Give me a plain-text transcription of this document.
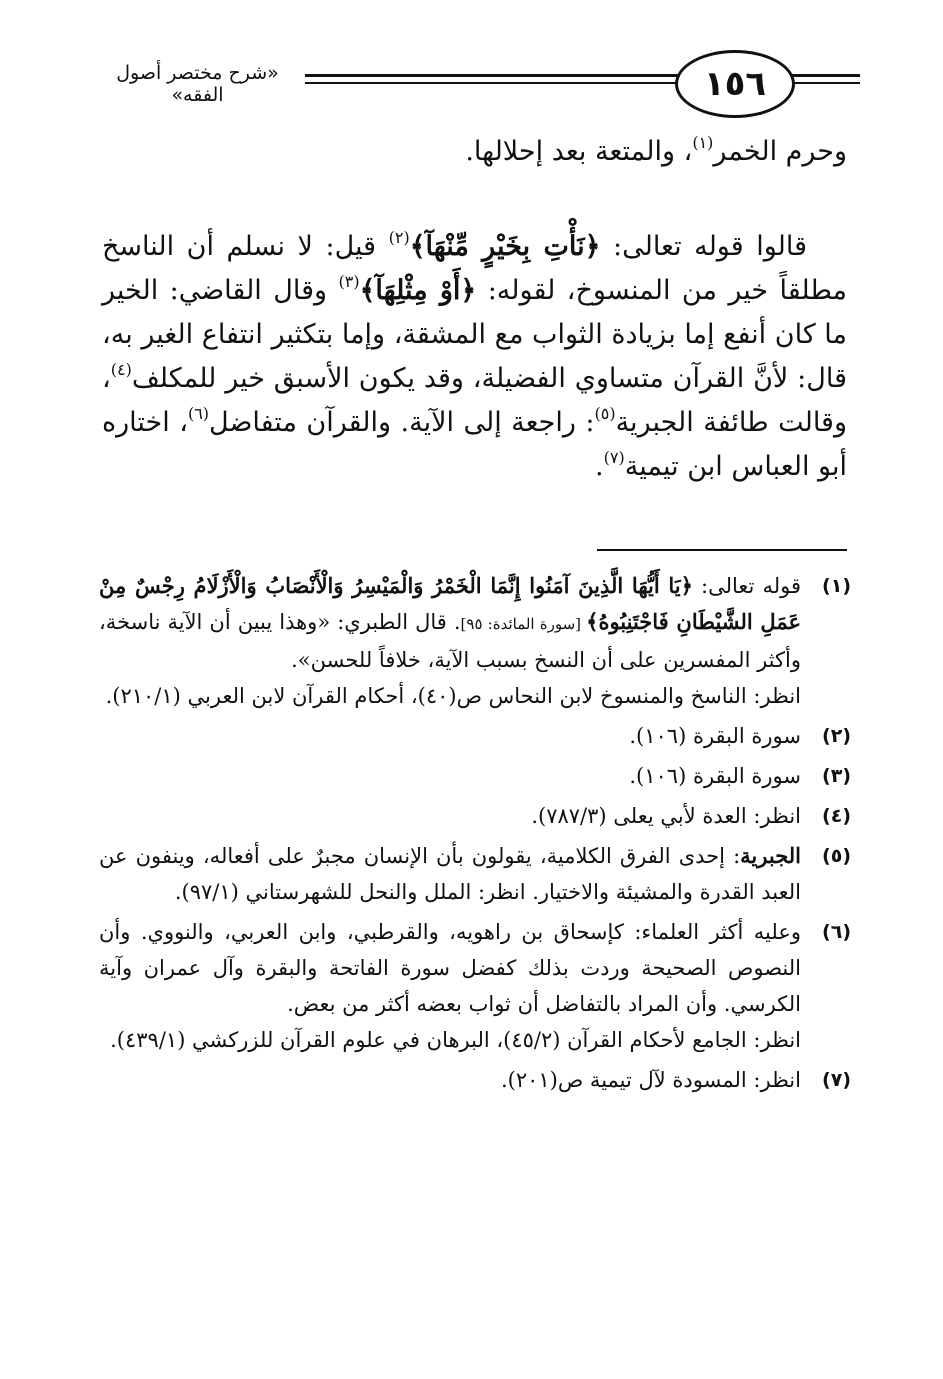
«شرح مختصر أصول الفقه»	١٥٦

وحرم الخمر$^{(١)}$، والمتعة بعد إحلالها.

قالوا قوله تعالى: ﴿نَأْتِ بِخَيْرٍ مِّنْهَآ﴾$^{(٢)}$ قيل: لا نسلم أن الناسخ مطلقاً خير من المنسوخ، لقوله: ﴿أَوْ مِثْلِهَآ﴾$^{(٣)}$ وقال القاضي: الخير ما كان أنفع إما بزيادة الثواب مع المشقة، وإما بتكثير انتفاع الغير به، قال: لأنَّ القرآن متساوي الفضيلة، وقد يكون الأسبق خير للمكلف$^{(٤)}$، وقالت طائفة الجبرية$^{(٥)}$: راجعة إلى الآية. والقرآن متفاضل$^{(٦)}$، اختاره أبو العباس ابن تيمية$^{(٧)}$.

(١)
قوله تعالى: ﴿يَا أَيُّهَا الَّذِينَ آمَنُوا إِنَّمَا الْخَمْرُ وَالْمَيْسِرُ وَالْأَنْصَابُ وَالْأَزْلَامُ رِجْسٌ مِنْ عَمَلِ الشَّيْطَانِ فَاجْتَنِبُوهُ﴾ [سورة المائدة: ٩٥]. قال الطبري: «وهذا يبين أن الآية ناسخة، وأكثر المفسرين على أن النسخ بسبب الآية، خلافاً للحسن».
انظر: الناسخ والمنسوخ لابن النحاس ص(٤٠)، أحكام القرآن لابن العربي (٢١٠/١).
(٢)
سورة البقرة (١٠٦).
(٣)
سورة البقرة (١٠٦).
(٤)
انظر: العدة لأبي يعلى (٧٨٧/٣).
(٥)
الجبرية: إحدى الفرق الكلامية، يقولون بأن الإنسان مجبرٌ على أفعاله، وينفون عن العبد القدرة والمشيئة والاختيار. انظر: الملل والنحل للشهرستاني (٩٧/١).
(٦)
وعليه أكثر العلماء: كإسحاق بن راهويه، والقرطبي، وابن العربي، والنووي. وأن النصوص الصحيحة وردت بذلك كفضل سورة الفاتحة والبقرة وآل عمران وآية الكرسي. وأن المراد بالتفاضل أن ثواب بعضه أكثر من بعض.
انظر: الجامع لأحكام القرآن (٤٥/٢)، البرهان في علوم القرآن للزركشي (٤٣٩/١).
(٧)
انظر: المسودة لآل تيمية ص(٢٠١).
